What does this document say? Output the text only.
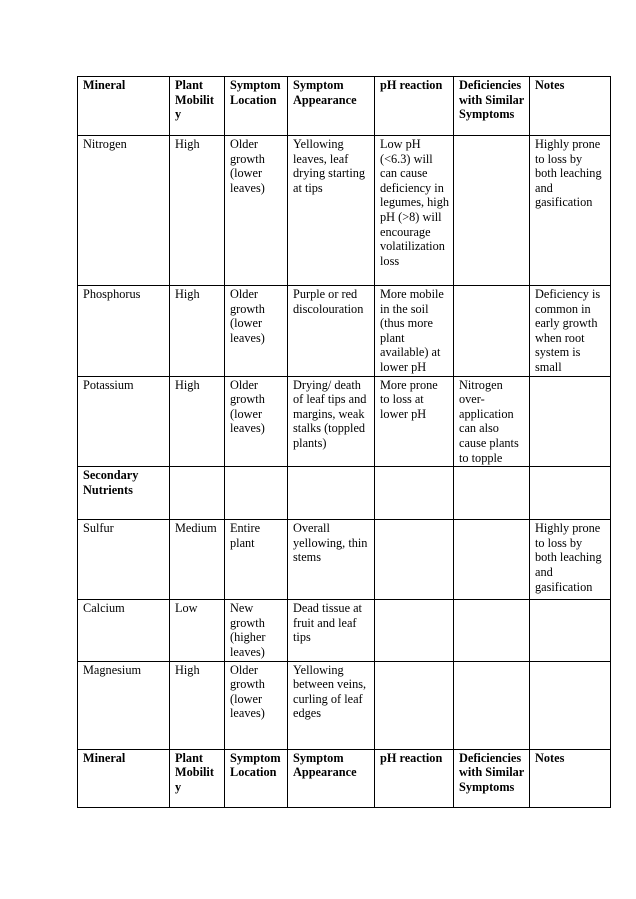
Mineral	Plant Mobility	Symptom Location	Symptom Appearance	pH reaction	Deficiencies with Similar Symptoms	Notes
Nitrogen	High	Older growth (lower leaves)	Yellowing leaves, leaf drying starting at tips	Low pH (<6.3) will can cause deficiency in legumes, high pH (>8) will encourage volatilization loss		Highly prone to loss by both leaching and gasification
Phosphorus	High	Older growth (lower leaves)	Purple or red discolouration	More mobile in the soil (thus more plant available) at lower pH		Deficiency is common in early growth when root system is small
Potassium	High	Older growth (lower leaves)	Drying/ death of leaf tips and margins, weak stalks (toppled plants)	More prone to loss at lower pH	Nitrogen over-application can also cause plants to topple	
Secondary Nutrients						
Sulfur	Medium	Entire plant	Overall yellowing, thin stems			Highly prone to loss by both leaching and gasification
Calcium	Low	New growth (higher leaves)	Dead tissue at fruit and leaf tips			
Magnesium	High	Older growth (lower leaves)	Yellowing between veins, curling of leaf edges			
Mineral	Plant Mobility	Symptom Location	Symptom Appearance	pH reaction	Deficiencies with Similar Symptoms	Notes
